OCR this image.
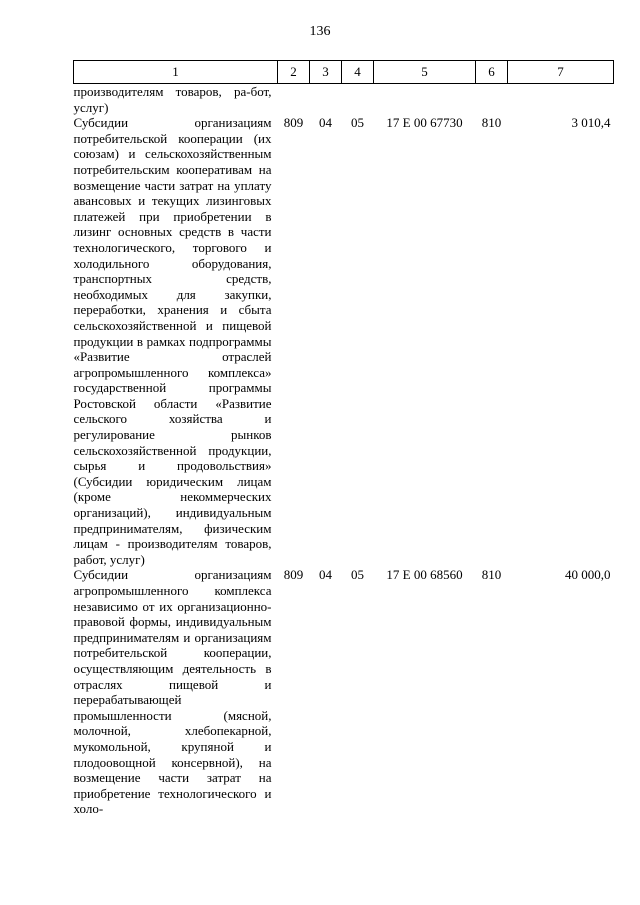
136
1	2	3	4	5	6	7

производителям товаров, ра-бот, услуг)						

Субсидии организациям потребительской кооперации (их союзам) и сельскохозяйственным потребительским кооперативам на возмещение части затрат на уплату авансовых и текущих лизинговых платежей при приобретении в лизинг основных средств в части технологического, торгового и холодильного оборудования, транспортных средств, необходимых для закупки, переработки, хранения и сбыта сельскохозяйственной и пищевой продукции в рамках подпрограммы «Развитие отраслей агропромышленного комплекса» государственной программы Ростовской области «Развитие сельского хозяйства и регулирование рынков сельскохозяйственной продукции, сырья и продовольствия» (Субсидии юридическим лицам (кроме некоммерческих организаций), индивидуальным предпринимателям, физическим лицам - производителям товаров, работ, услуг)	809	04	05	17 Е 00 67730	810	3 010,4

Субсидии организациям агропромышленного комплекса независимо от их организационно-правовой формы, индивидуальным предпринимателям и организациям потребительской кооперации, осуществляющим деятельность в отраслях пищевой и перерабатывающей промышленности (мясной, молочной, хлебопекарной, мукомольной, крупяной и плодоовощной консервной), на возмещение части затрат на приобретение технологического и холо-	809	04	05	17 Е 00 68560	810	40 000,0
